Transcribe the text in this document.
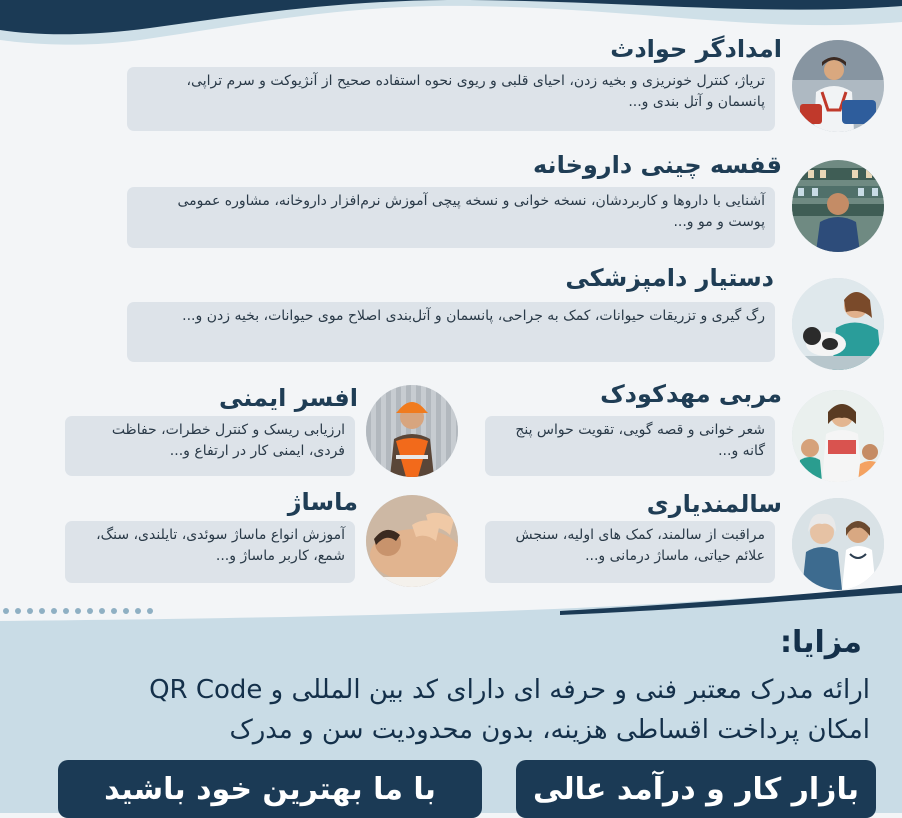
امدادگر حوادث
تریاژ، کنترل خونریزی و بخیه زدن، احیای قلبی و ریوی نحوه استفاده صحیح از آنژیوکت و سرم تراپی، پانسمان و آتل بندی و...
قفسه چینی داروخانه
آشنایی با داروها و کاربردشان، نسخه خوانی و نسخه پیچی آموزش نرم‌افزار داروخانه، مشاوره عمومی پوست و مو و...
دستیار دامپزشکی
رگ گیری و تزریقات حیوانات، کمک به جراحی، پانسمان و آتل‌بندی اصلاح موی حیوانات، بخیه زدن و...
مربی مهدکودک
شعر خوانی و قصه گویی، تقویت حواس پنج گانه و...
افسر ایمنی
ارزیابی ریسک و کنترل خطرات، حفاظت فردی، ایمنی کار در ارتفاع و...
سالمندیاری
مراقبت از سالمند، کمک های اولیه، سنجش علائم حیاتی، ماساژ درمانی و...
ماساژ
آموزش انواع ماساژ سوئدی، تایلندی، سنگ، شمع، کاربر ماساژ و...
مزایا:
ارائه مدرک معتبر فنی و حرفه ای دارای کد بین المللی و QR Code
امکان پرداخت اقساطی هزینه، بدون محدودیت سن و مدرک
بازار کار و درآمد عالی
با ما بهترین خود باشید
